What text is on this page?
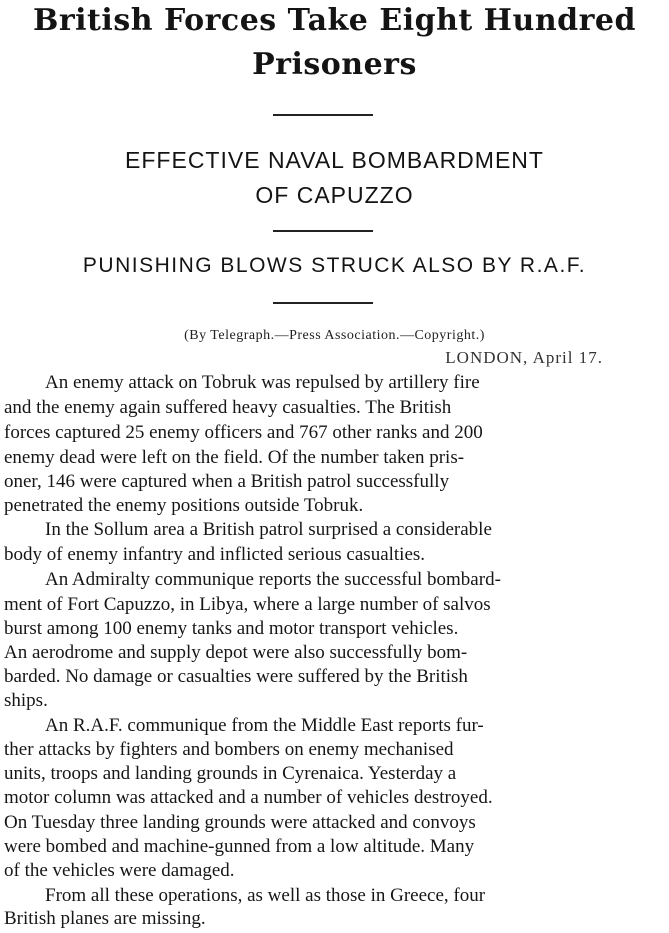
British Forces Take Eight Hundred
Prisoners
EFFECTIVE NAVAL BOMBARDMENT
OF CAPUZZO
PUNISHING BLOWS STRUCK ALSO BY R.A.F.
(By Telegraph.—Press Association.—Copyright.)
LONDON, April 17.
An enemy attack on Tobruk was repulsed by artillery fire
and the enemy again suffered heavy casualties. The British
forces captured 25 enemy officers and 767 other ranks and 200
enemy dead were left on the field. Of the number taken pris-
oner, 146 were captured when a British patrol successfully
penetrated the enemy positions outside Tobruk.
In the Sollum area a British patrol surprised a considerable
body of enemy infantry and inflicted serious casualties.
An Admiralty communique reports the successful bombard-
ment of Fort Capuzzo, in Libya, where a large number of salvos
burst among 100 enemy tanks and motor transport vehicles.
An aerodrome and supply depot were also successfully bom-
barded. No damage or casualties were suffered by the British
ships.
An R.A.F. communique from the Middle East reports fur-
ther attacks by fighters and bombers on enemy mechanised
units, troops and landing grounds in Cyrenaica. Yesterday a
motor column was attacked and a number of vehicles destroyed.
On Tuesday three landing grounds were attacked and convoys
were bombed and machine-gunned from a low altitude. Many
of the vehicles were damaged.
From all these operations, as well as those in Greece, four
British planes are missing.
